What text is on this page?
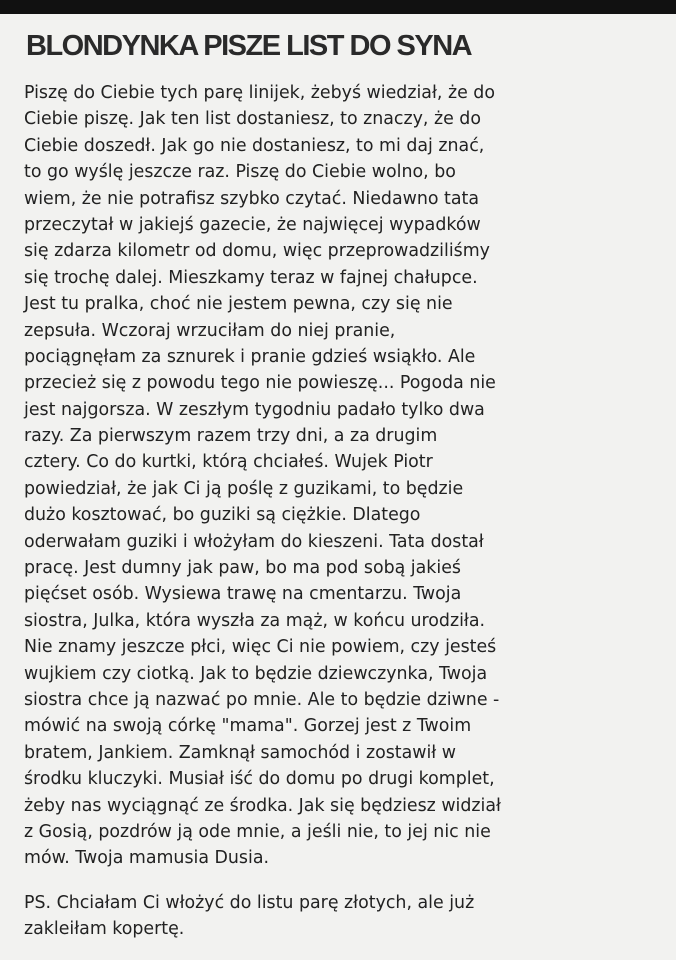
BLONDYNKA PISZE LIST DO SYNA
Piszę do Ciebie tych parę linijek, żebyś wiedział, że do
Ciebie piszę. Jak ten list dostaniesz, to znaczy, że do
Ciebie doszedł. Jak go nie dostaniesz, to mi daj znać,
to go wyślę jeszcze raz. Piszę do Ciebie wolno, bo
wiem, że nie potrafisz szybko czytać. Niedawno tata
przeczytał w jakiejś gazecie, że najwięcej wypadków
się zdarza kilometr od domu, więc przeprowadziliśmy
się trochę dalej. Mieszkamy teraz w fajnej chałupce.
Jest tu pralka, choć nie jestem pewna, czy się nie
zepsuła. Wczoraj wrzuciłam do niej pranie,
pociągnęłam za sznurek i pranie gdzieś wsiąkło. Ale
przecież się z powodu tego nie powieszę... Pogoda nie
jest najgorsza. W zeszłym tygodniu padało tylko dwa
razy. Za pierwszym razem trzy dni, a za drugim
cztery. Co do kurtki, którą chciałeś. Wujek Piotr
powiedział, że jak Ci ją poślę z guzikami, to będzie
dużo kosztować, bo guziki są ciężkie. Dlatego
oderwałam guziki i włożyłam do kieszeni. Tata dostał
pracę. Jest dumny jak paw, bo ma pod sobą jakieś
pięćset osób. Wysiewa trawę na cmentarzu. Twoja
siostra, Julka, która wyszła za mąż, w końcu urodziła.
Nie znamy jeszcze płci, więc Ci nie powiem, czy jesteś
wujkiem czy ciotką. Jak to będzie dziewczynka, Twoja
siostra chce ją nazwać po mnie. Ale to będzie dziwne -
mówić na swoją córkę "mama". Gorzej jest z Twoim
bratem, Jankiem. Zamknął samochód i zostawił w
środku kluczyki. Musiał iść do domu po drugi komplet,
żeby nas wyciągnąć ze środka. Jak się będziesz widział
z Gosią, pozdrów ją ode mnie, a jeśli nie, to jej nic nie
mów. Twoja mamusia Dusia.
PS. Chciałam Ci włożyć do listu parę złotych, ale już
zakleiłam kopertę.
